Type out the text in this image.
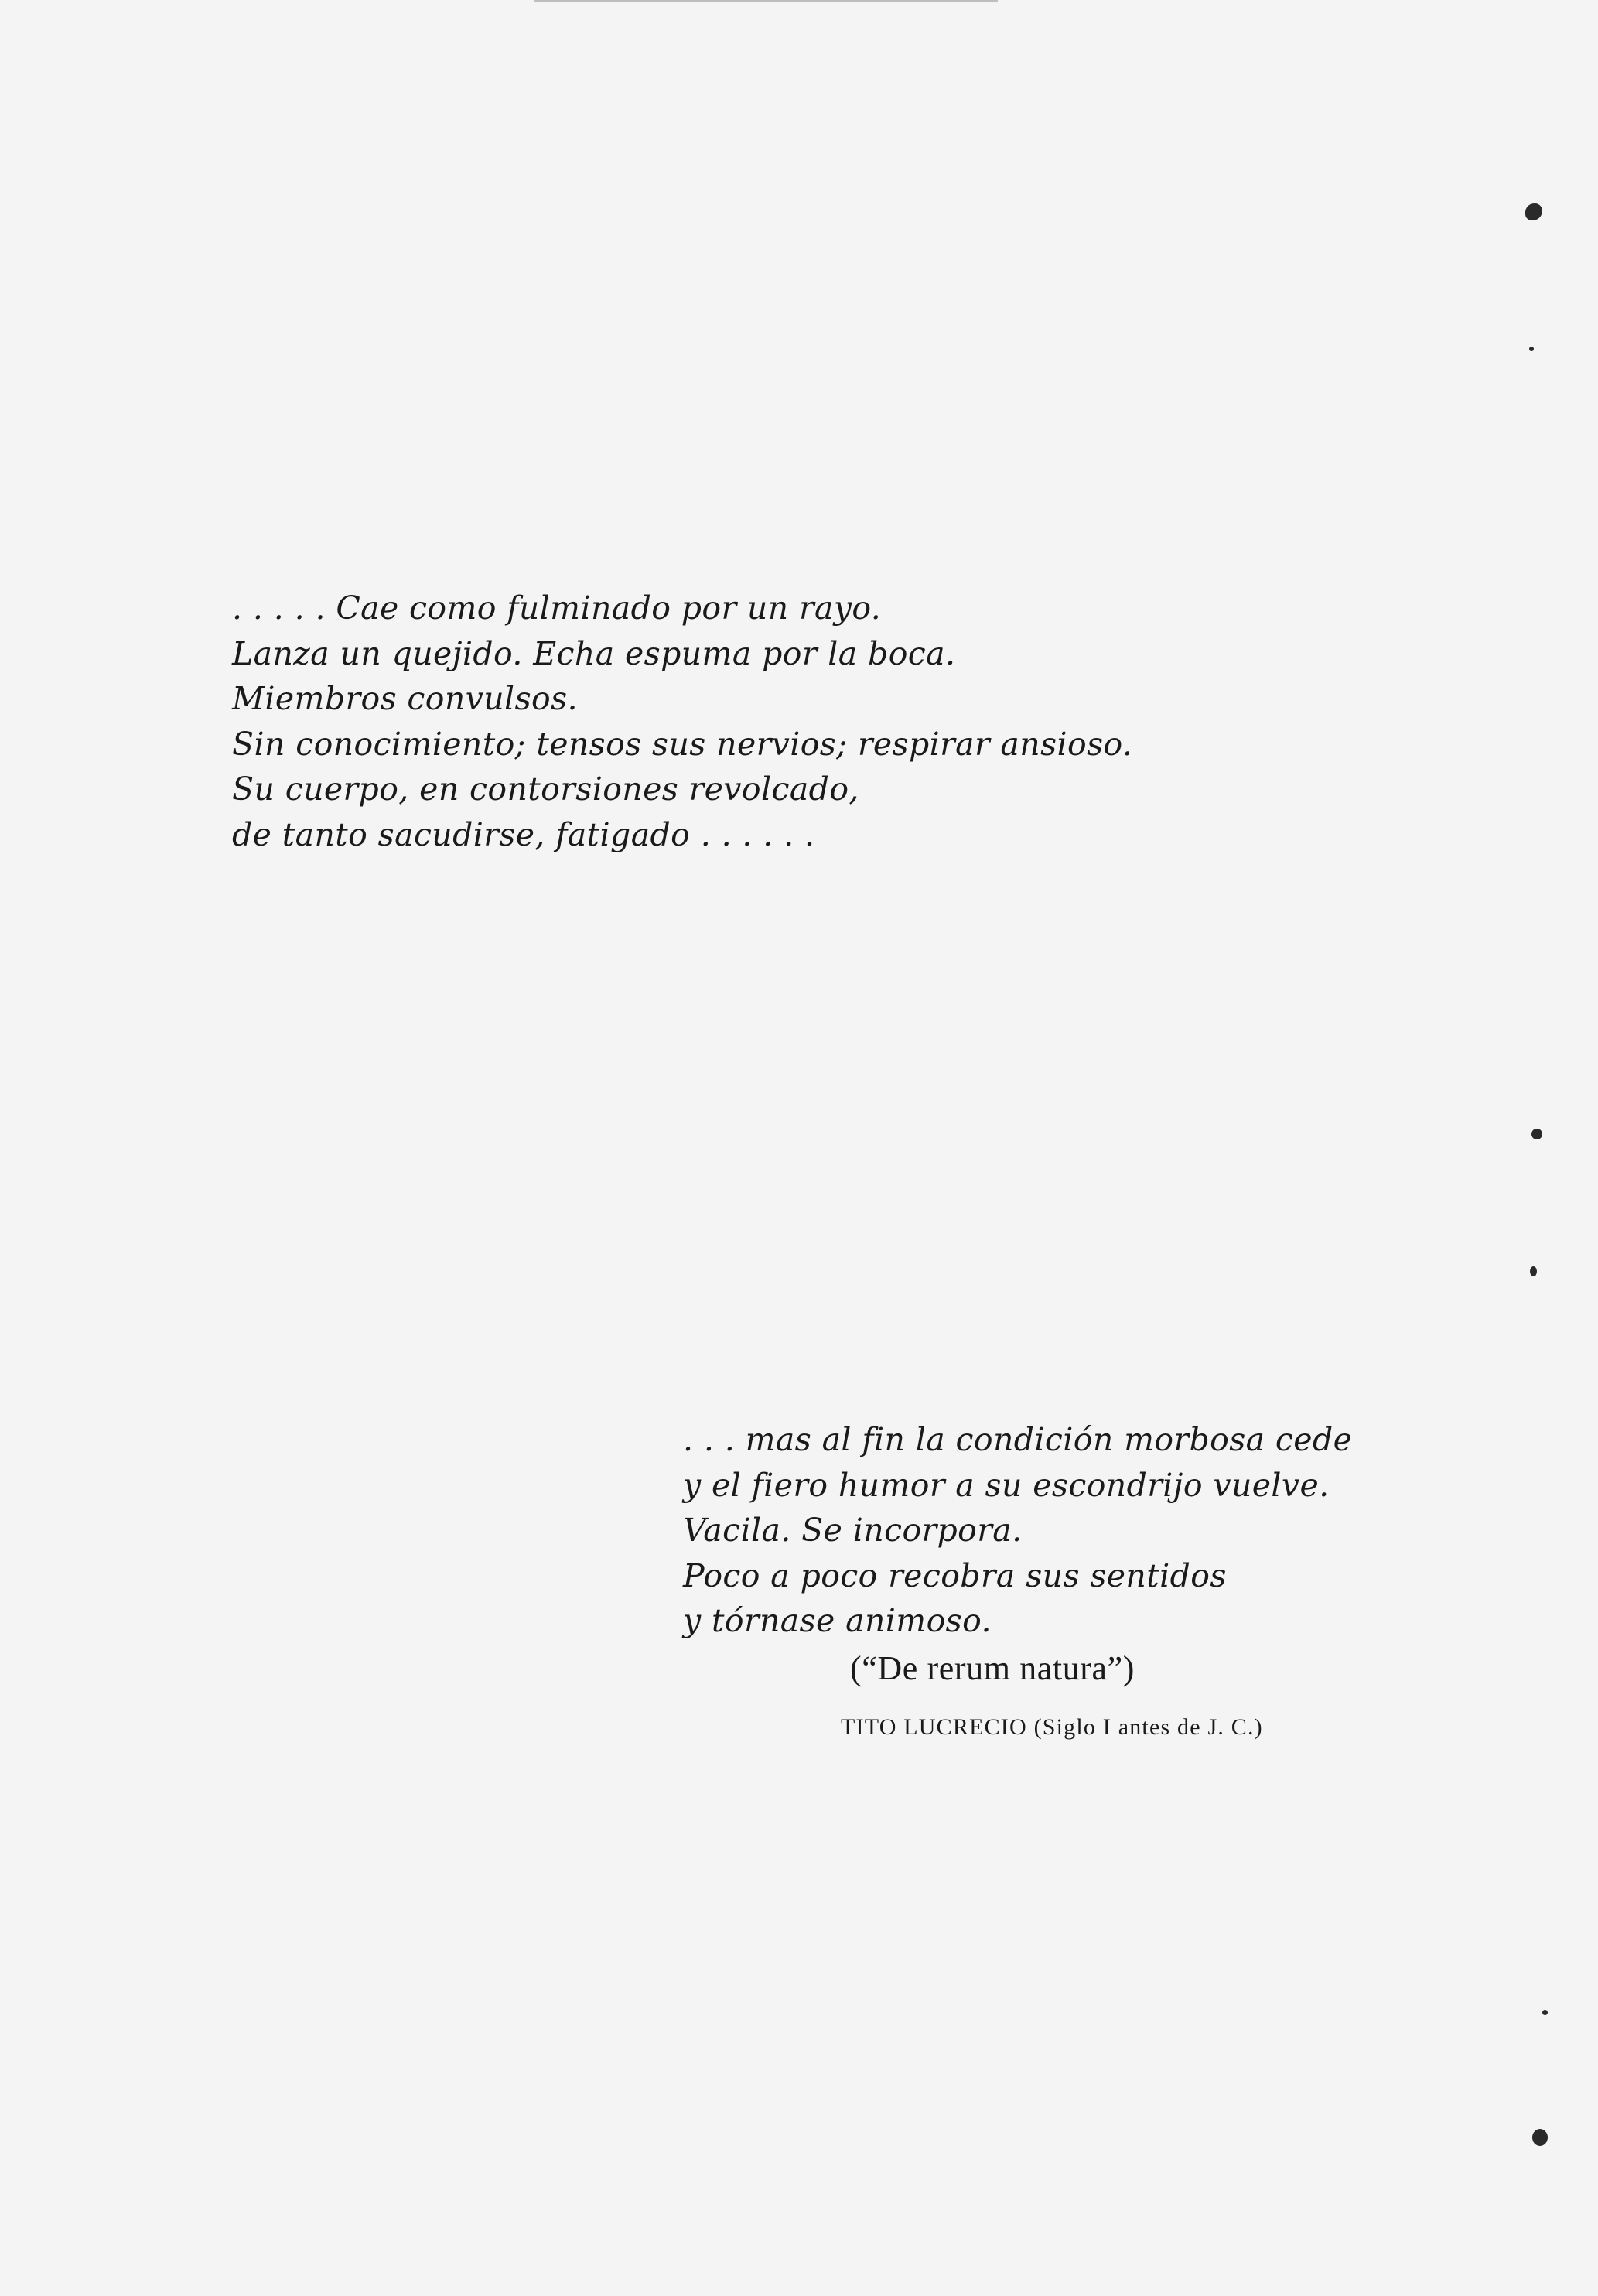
. . . . . Cae como fulminado por un rayo.
Lanza un quejido. Echa espuma por la boca.
Miembros convulsos.
Sin conocimiento; tensos sus nervios; respirar ansioso.
Su cuerpo, en contorsiones revolcado,
de tanto sacudirse, fatigado . . . . . .
. . . mas al fin la condición morbosa cede
y el fiero humor a su escondrijo vuelve.
Vacila. Se incorpora.
Poco a poco recobra sus sentidos
y tórnase animoso.
(“De rerum natura”)
TITO LUCRECIO (Siglo I antes de J. C.)
